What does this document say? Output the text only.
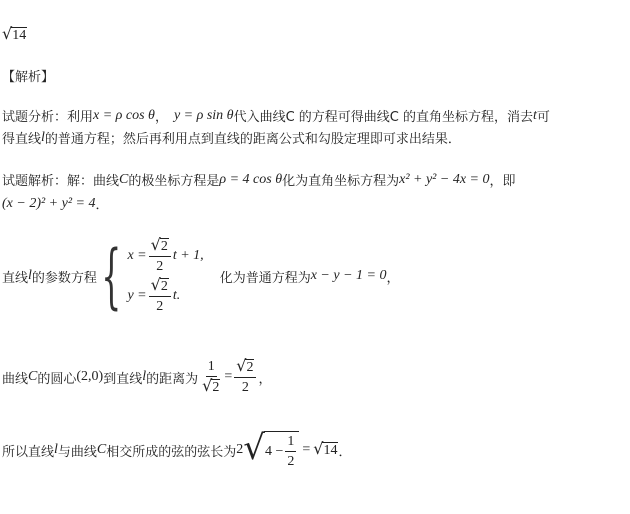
√ 14
【解析】
试题分析：利用 x = ρ cos θ ， y = ρ sin θ 代入曲线C 的方程可得曲线C 的直角坐标方程，消去 t 可
得直线 l 的普通方程；然后再利用点到直线的距离公式和勾股定理即可求出结果．
试题解析：解：曲线 C 的极坐标方程是 ρ = 4 cos θ 化为直角坐标方程为 x² + y² − 4x = 0 ，即
(x − 2)² + y² = 4 ．
直线 l 的参数方程 { $x = \frac{√ 2}{2}$ t + 1,
$y = \frac{√ 2}{2} t$.
化为普通方程为 x − y − 1 = 0 ，
曲线 C 的圆心 (2,0) 到直线 l 的距离为 $\frac{1}{√ 2} = \frac{√ 2}{2}$ ，
所以直线 l 与曲线 C 相交所成的弦的弦长为 2 √ $4 - \frac{1}{2}$ = √ 14 ．
